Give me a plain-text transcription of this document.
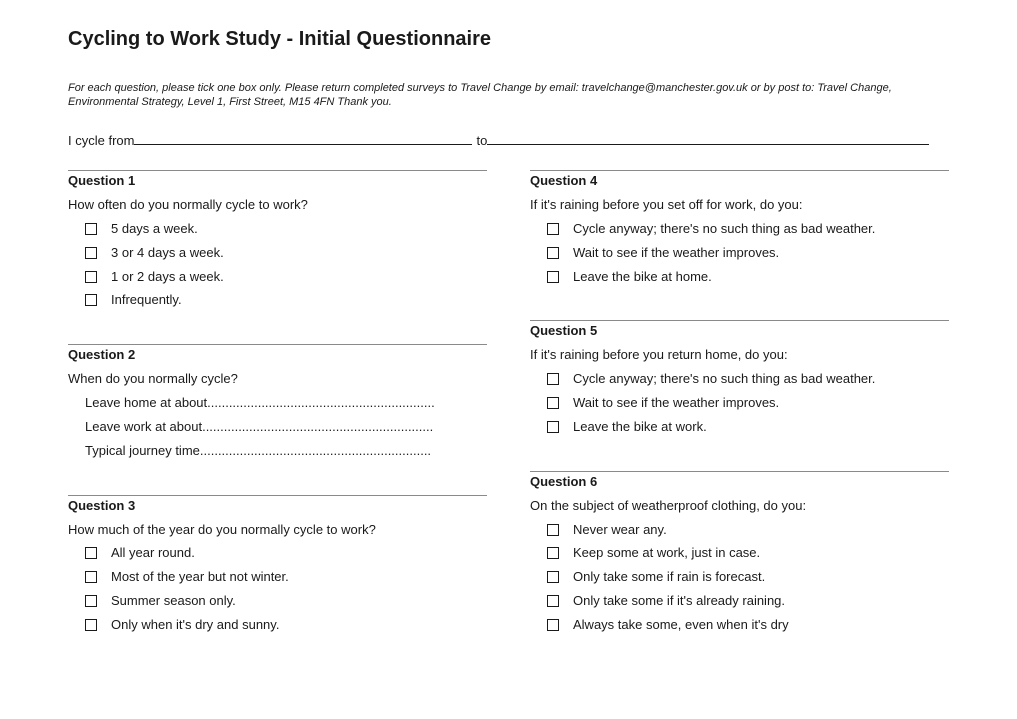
Cycling to Work Study - Initial Questionnaire
For each question, please tick one box only. Please return completed surveys to Travel Change by email: travelchange@manchester.gov.uk or by post to: Travel Change, Environmental Strategy, Level 1, First Street, M15 4FN Thank you.
I cycle from	to
Question 1
How often do you normally cycle to work?
5 days a week.
3 or 4 days a week.
1 or 2 days a week.
Infrequently.
Question 2
When do you normally cycle?
Leave home at about...............................................................
Leave work at about................................................................
Typical journey time................................................................
Question 3
How much of the year do you normally cycle to work?
All year round.
Most of the year but not winter.
Summer season only.
Only when it's dry and sunny.
Question 4
If it's raining before you set off for work, do you:
Cycle anyway; there's no such thing as bad weather.
Wait to see if the weather improves.
Leave the bike at home.
Question 5
If it's raining before you return home, do you:
Cycle anyway; there's no such thing as bad weather.
Wait to see if the weather improves.
Leave the bike at work.
Question 6
On the subject of weatherproof clothing, do you:
Never wear any.
Keep some at work, just in case.
Only take some if rain is forecast.
Only take some if it's already raining.
Always take some, even when it's dry
